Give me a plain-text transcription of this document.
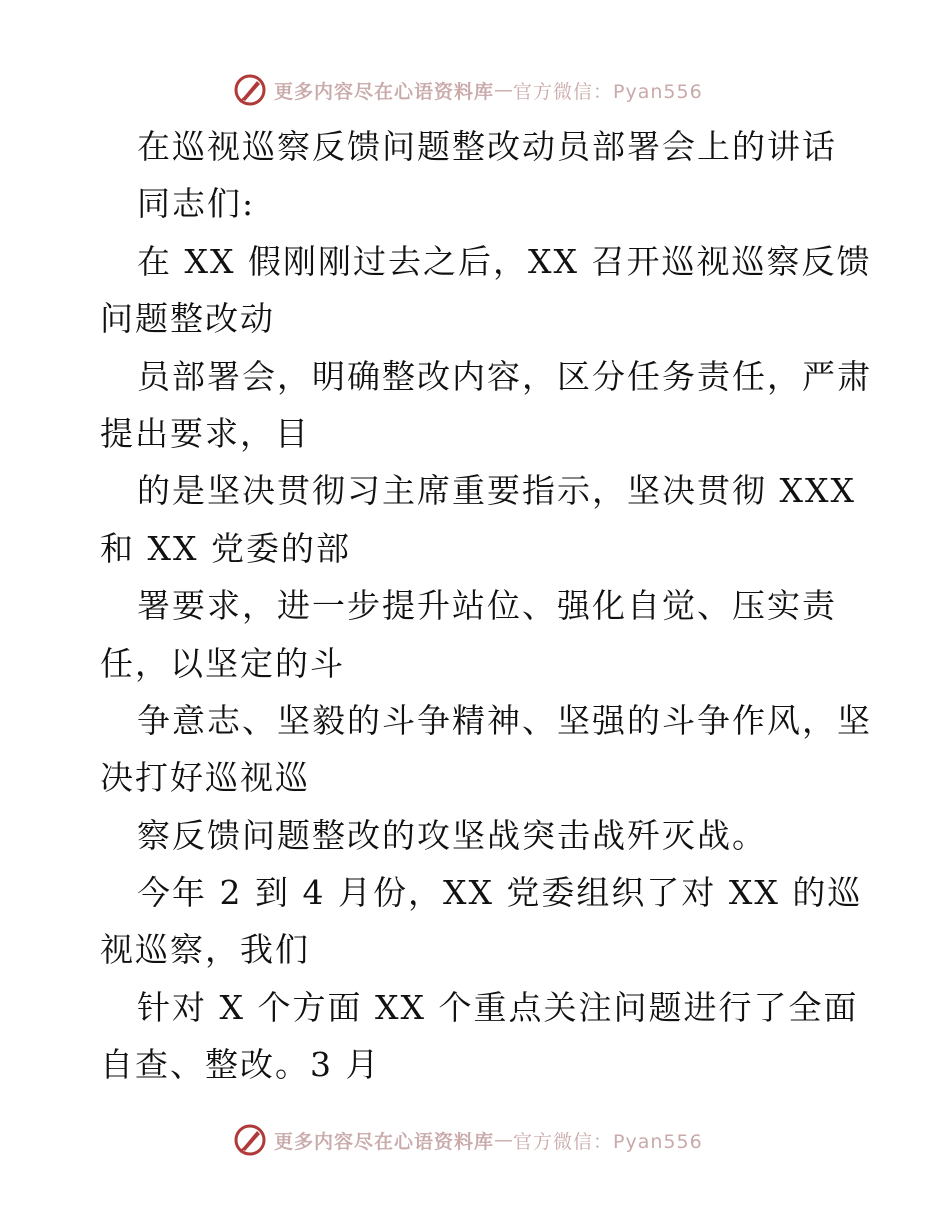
更多内容尽在心语资料库 — 官方微信：Pyan556
在巡视巡察反馈问题整改动员部署会上的讲话
同志们:
在 XX 假刚刚过去之后，XX 召开巡视巡察反馈
问题整改动
员部署会，明确整改内容，区分任务责任，严肃
提出要求，目
的是坚决贯彻习主席重要指示，坚决贯彻 XXX
和 XX 党委的部
署要求，进一步提升站位、强化自觉、压实责
任，以坚定的斗
争意志、坚毅的斗争精神、坚强的斗争作风，坚
决打好巡视巡
察反馈问题整改的攻坚战突击战歼灭战。
今年 2 到 4 月份，XX 党委组织了对 XX 的巡
视巡察，我们
针对 X 个方面 XX 个重点关注问题进行了全面
自查、整改。3 月
更多内容尽在心语资料库 — 官方微信：Pyan556
